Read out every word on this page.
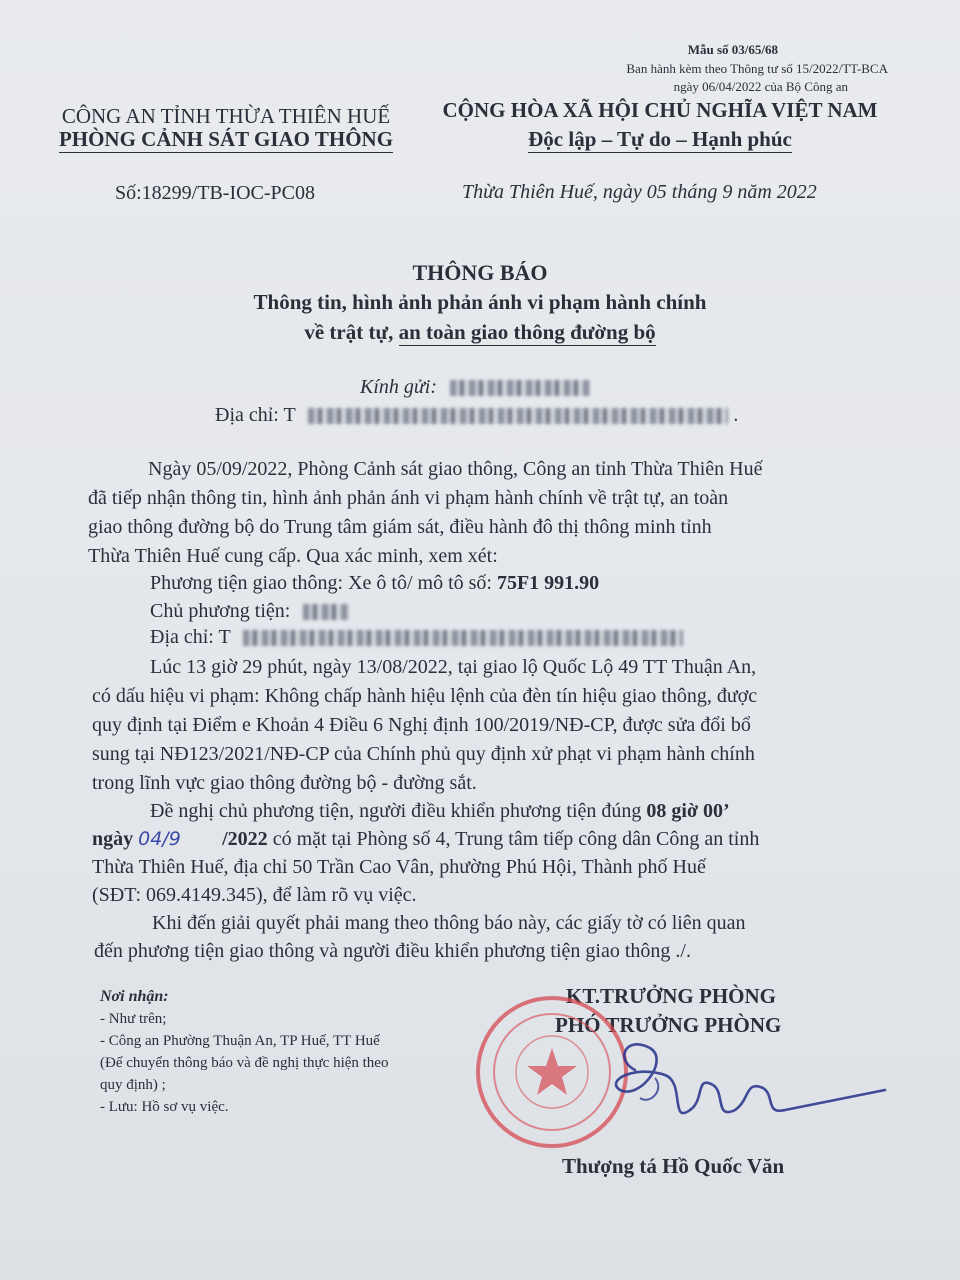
Mẫu số 03/65/68
Ban hành kèm theo Thông tư số 15/2022/TT-BCA
ngày 06/04/2022 của Bộ Công an
CÔNG AN TỈNH THỪA THIÊN HUẾ
PHÒNG CẢNH SÁT GIAO THÔNG
CỘNG HÒA XÃ HỘI CHỦ NGHĨA VIỆT NAM
Độc lập – Tự do – Hạnh phúc
Số:18299/TB-IOC-PC08	Thừa Thiên Huế, ngày 05 tháng 9 năm 2022
THÔNG BÁO
Thông tin, hình ảnh phản ánh vi phạm hành chính
về trật tự, an toàn giao thông đường bộ
Kính gửi:
Địa chỉ: T	.
Ngày 05/09/2022, Phòng Cảnh sát giao thông, Công an tỉnh Thừa Thiên Huế
đã tiếp nhận thông tin, hình ảnh phản ánh vi phạm hành chính về trật tự, an toàn
giao thông đường bộ do Trung tâm giám sát, điều hành đô thị thông minh tỉnh
Thừa Thiên Huế cung cấp. Qua xác minh, xem xét:
Phương tiện giao thông: Xe ô tô/ mô tô số: 75F1 991.90
Chủ phương tiện:
Địa chỉ: T
Lúc 13 giờ 29 phút, ngày 13/08/2022, tại giao lộ Quốc Lộ 49 TT Thuận An,
có dấu hiệu vi phạm: Không chấp hành hiệu lệnh của đèn tín hiệu giao thông, được
quy định tại Điểm e Khoản 4 Điều 6 Nghị định 100/2019/NĐ-CP, được sửa đổi bổ
sung tại NĐ123/2021/NĐ-CP của Chính phủ quy định xử phạt vi phạm hành chính
trong lĩnh vực giao thông đường bộ - đường sắt.
Đề nghị chủ phương tiện, người điều khiển phương tiện đúng 08 giờ 00’
ngày 04/9 /2022 có mặt tại Phòng số 4, Trung tâm tiếp công dân Công an tỉnh
Thừa Thiên Huế, địa chỉ 50 Trần Cao Vân, phường Phú Hội, Thành phố Huế
(SĐT: 069.4149.345), để làm rõ vụ việc.
Khi đến giải quyết phải mang theo thông báo này, các giấy tờ có liên quan
đến phương tiện giao thông và người điều khiển phương tiện giao thông ./.
Nơi nhận:
- Như trên;
- Công an Phường Thuận An, TP Huế, TT Huế
(Để chuyển thông báo và đề nghị thực hiện theo
quy định) ;
- Lưu: Hồ sơ vụ việc.
KT.TRƯỞNG PHÒNG
PHÓ TRƯỞNG PHÒNG
Thượng tá Hồ Quốc Văn
